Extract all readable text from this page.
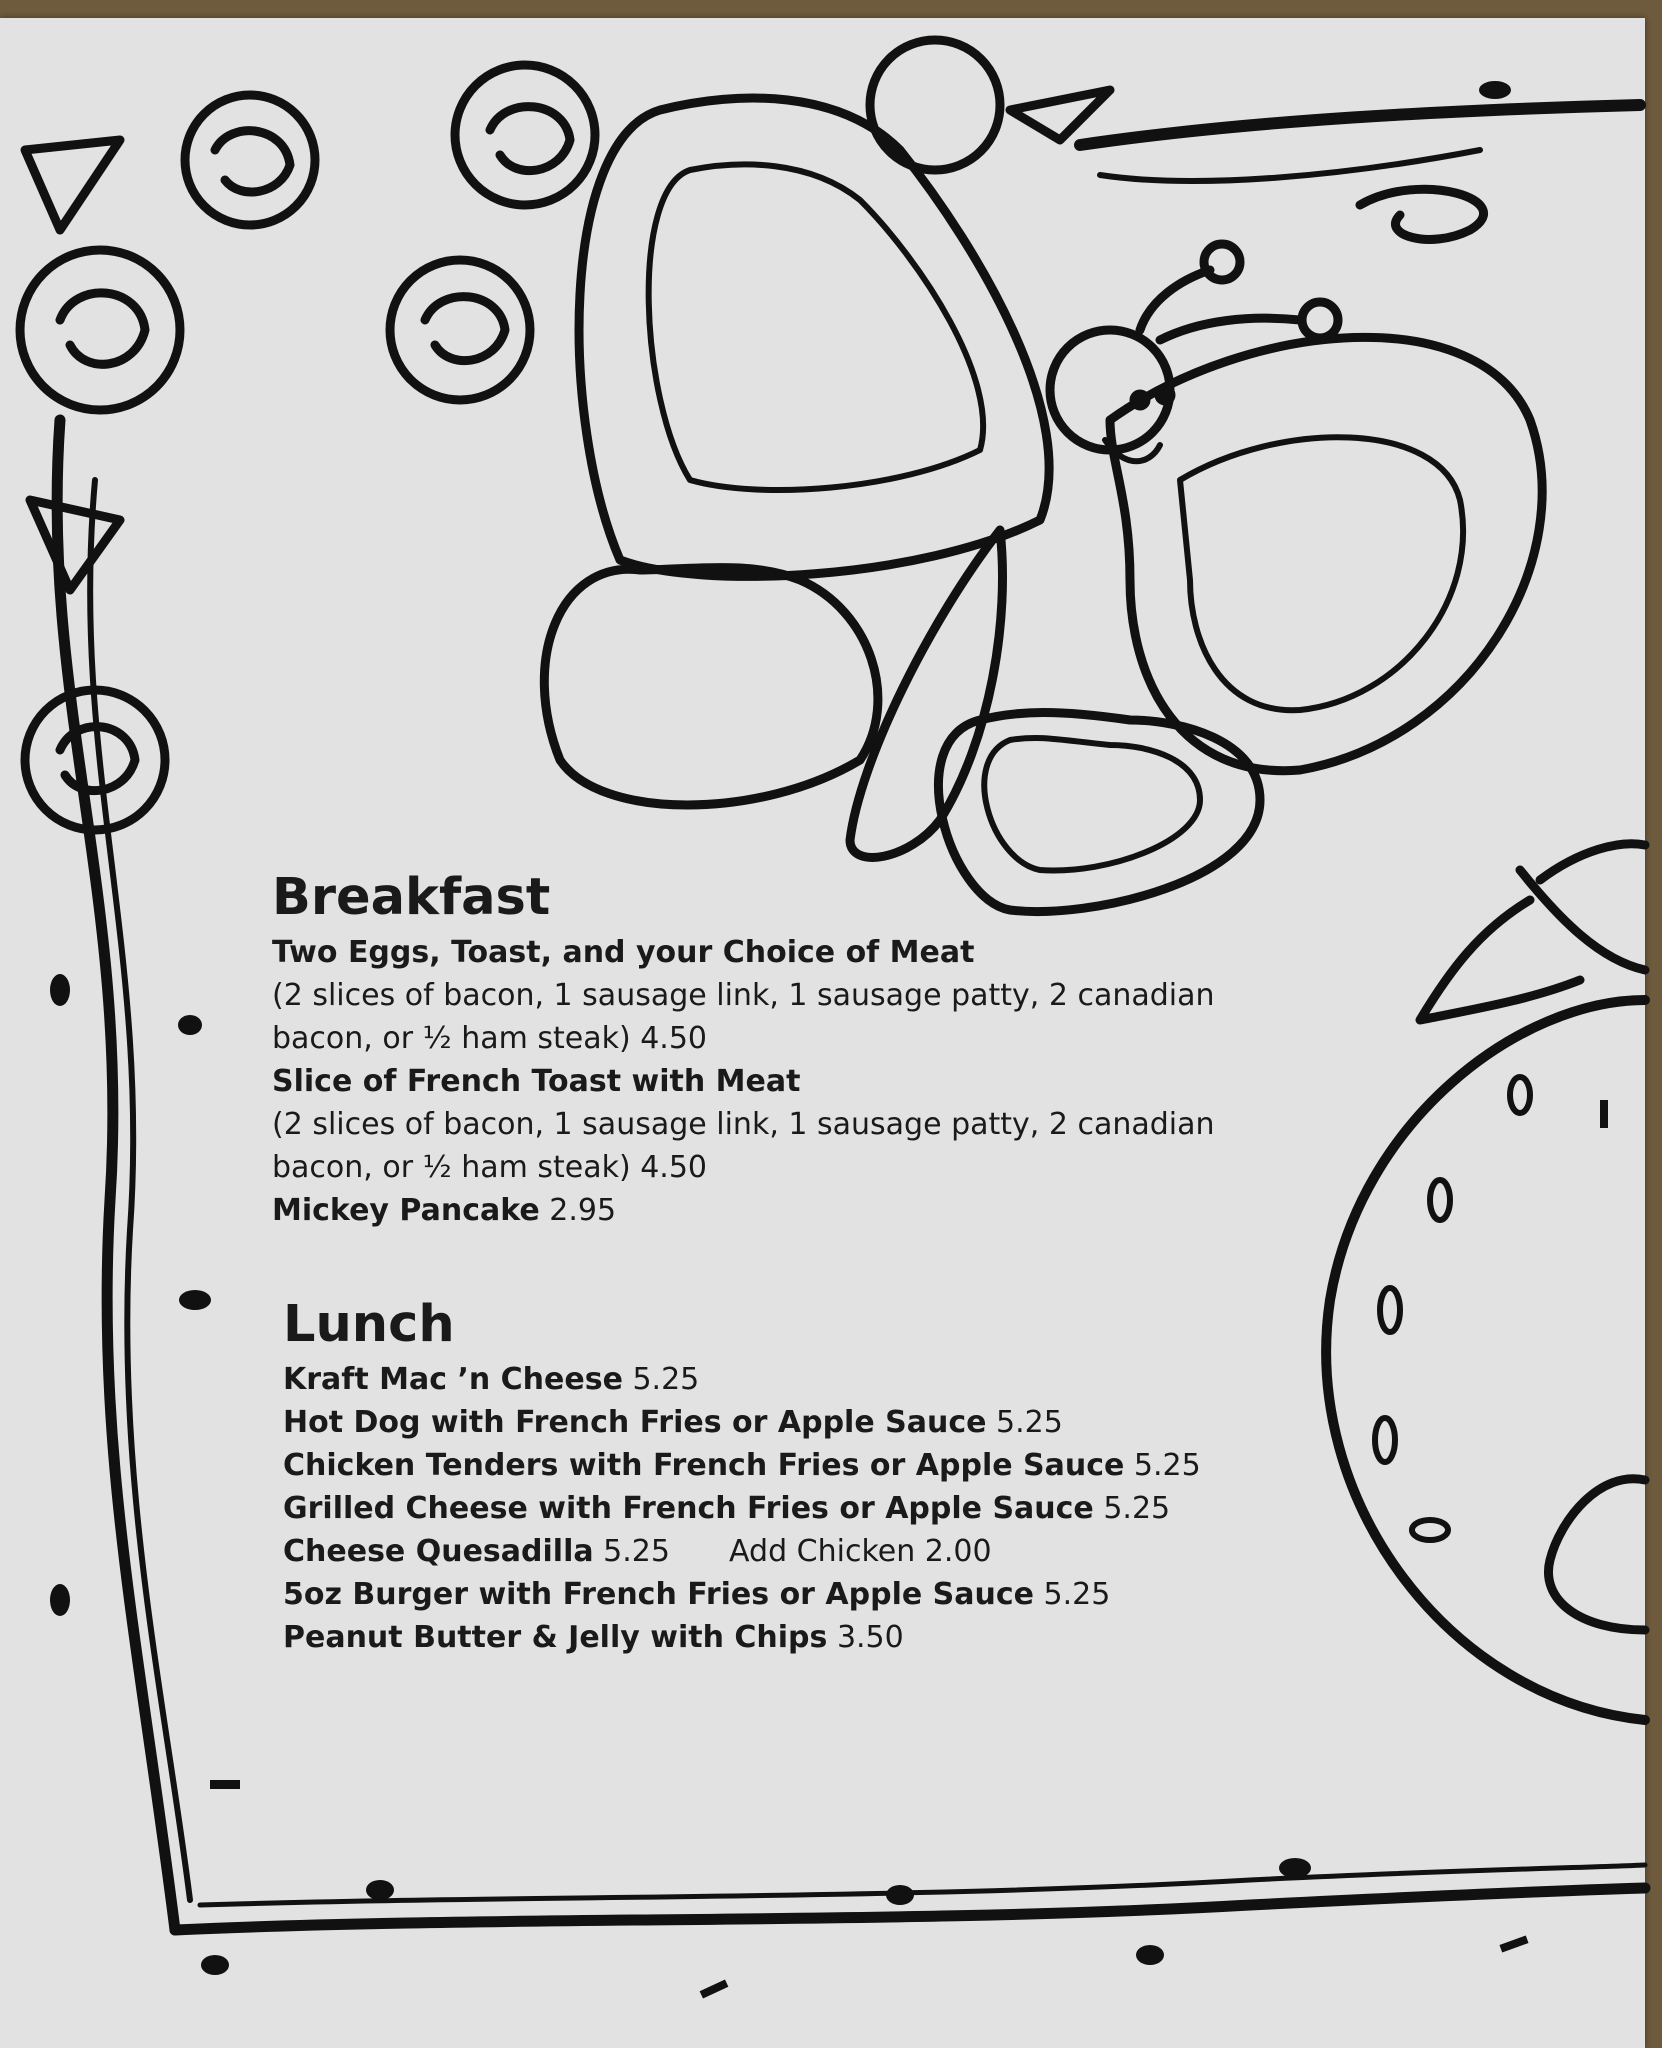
Breakfast
Two Eggs, Toast, and your Choice of Meat
(2 slices of bacon, 1 sausage link, 1 sausage patty, 2 canadian
bacon, or ½ ham steak) 4.50
Slice of French Toast with Meat
(2 slices of bacon, 1 sausage link, 1 sausage patty, 2 canadian
bacon, or ½ ham steak) 4.50
Mickey Pancake 2.95
Lunch
Kraft Mac ’n Cheese 5.25
Hot Dog with French Fries or Apple Sauce 5.25
Chicken Tenders with French Fries or Apple Sauce 5.25
Grilled Cheese with French Fries or Apple Sauce 5.25
Cheese Quesadilla 5.25 Add Chicken 2.00
5oz Burger with French Fries or Apple Sauce 5.25
Peanut Butter & Jelly with Chips 3.50
